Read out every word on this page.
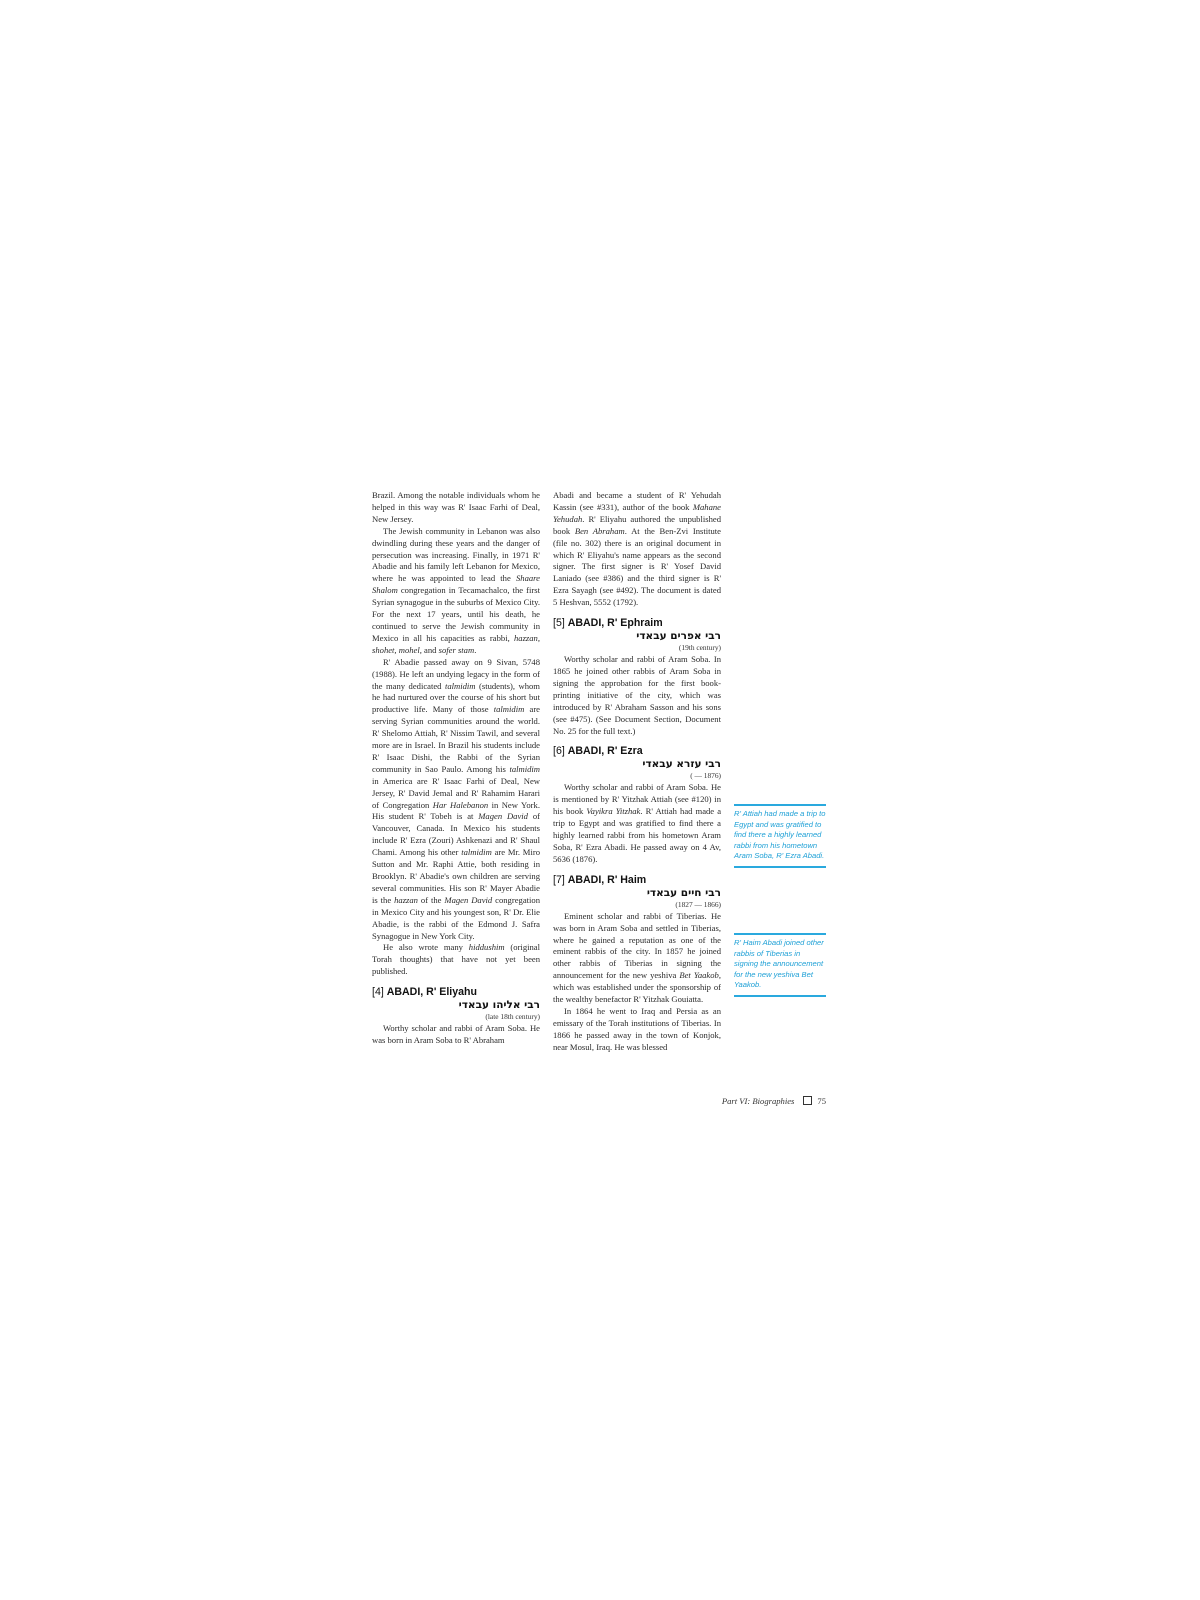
Brazil. Among the notable individuals whom he helped in this way was R' Isaac Farhi of Deal, New Jersey.

The Jewish community in Lebanon was also dwindling during these years and the danger of persecution was increasing. Finally, in 1971 R' Abadie and his family left Lebanon for Mexico, where he was appointed to lead the Shaare Shalom congregation in Tecamachalco, the first Syrian synagogue in the suburbs of Mexico City. For the next 17 years, until his death, he continued to serve the Jewish community in Mexico in all his capacities as rabbi, hazzan, shohet, mohel, and sofer stam.

R' Abadie passed away on 9 Sivan, 5748 (1988). He left an undying legacy in the form of the many dedicated talmidim (students), whom he had nurtured over the course of his short but productive life. Many of those talmidim are serving Syrian communities around the world. R' Shelomo Attiah, R' Nissim Tawil, and several more are in Israel. In Brazil his students include R' Isaac Dishi, the Rabbi of the Syrian community in Sao Paulo. Among his talmidim in America are R' Isaac Farhi of Deal, New Jersey, R' David Jemal and R' Rahamim Harari of Congregation Har Halebanon in New York. His student R' Tobeh is at Magen David of Vancouver, Canada. In Mexico his students include R' Ezra (Zouri) Ashkenazi and R' Shaul Chami. Among his other talmidim are Mr. Miro Sutton and Mr. Raphi Attie, both residing in Brooklyn. R' Abadie's own children are serving several communities. His son R' Mayer Abadie is the hazzan of the Magen David congregation in Mexico City and his youngest son, R' Dr. Elie Abadie, is the rabbi of the Edmond J. Safra Synagogue in New York City.

He also wrote many hiddushim (original Torah thoughts) that have not yet been published.

[4] ABADI, R' Eliyahu
רבי אליהו עבאדי
(late 18th century)

Worthy scholar and rabbi of Aram Soba. He was born in Aram Soba to R' Abraham

Abadi and became a student of R' Yehudah Kassin (see #331), author of the book Mahane Yehudah. R' Eliyahu authored the unpublished book Ben Abraham. At the Ben-Zvi Institute (file no. 302) there is an original document in which R' Eliyahu's name appears as the second signer. The first signer is R' Yosef David Laniado (see #386) and the third signer is R' Ezra Sayagh (see #492). The document is dated 5 Heshvan, 5552 (1792).

[5] ABADI, R' Ephraim
רבי אפרים עבאדי
(19th century)

Worthy scholar and rabbi of Aram Soba. In 1865 he joined other rabbis of Aram Soba in signing the approbation for the first book-printing initiative of the city, which was introduced by R' Abraham Sasson and his sons (see #475). (See Document Section, Document No. 25 for the full text.)

[6] ABADI, R' Ezra
רבי עזרא עבאדי
( — 1876)

Worthy scholar and rabbi of Aram Soba. He is mentioned by R' Yitzhak Attiah (see #120) in his book Vayikra Yitzhak. R' Attiah had made a trip to Egypt and was gratified to find there a highly learned rabbi from his hometown Aram Soba, R' Ezra Abadi. He passed away on 4 Av, 5636 (1876).

[7] ABADI, R' Haim
רבי חיים עבאדי
(1827 — 1866)

Eminent scholar and rabbi of Tiberias. He was born in Aram Soba and settled in Tiberias, where he gained a reputation as one of the eminent rabbis of the city. In 1857 he joined other rabbis of Tiberias in signing the announcement for the new yeshiva Bet Yaakob, which was established under the sponsorship of the wealthy benefactor R' Yitzhak Gouiatta.

In 1864 he went to Iraq and Persia as an emissary of the Torah institutions of Tiberias. In 1866 he passed away in the town of Konjok, near Mosul, Iraq. He was blessed

R' Attiah had made a trip to Egypt and was gratified to find there a highly learned rabbi from his hometown Aram Soba, R' Ezra Abadi.
R' Haim Abadi joined other rabbis of Tiberias in signing the announcement for the new yeshiva Bet Yaakob.
Part VI: Biographies	75
